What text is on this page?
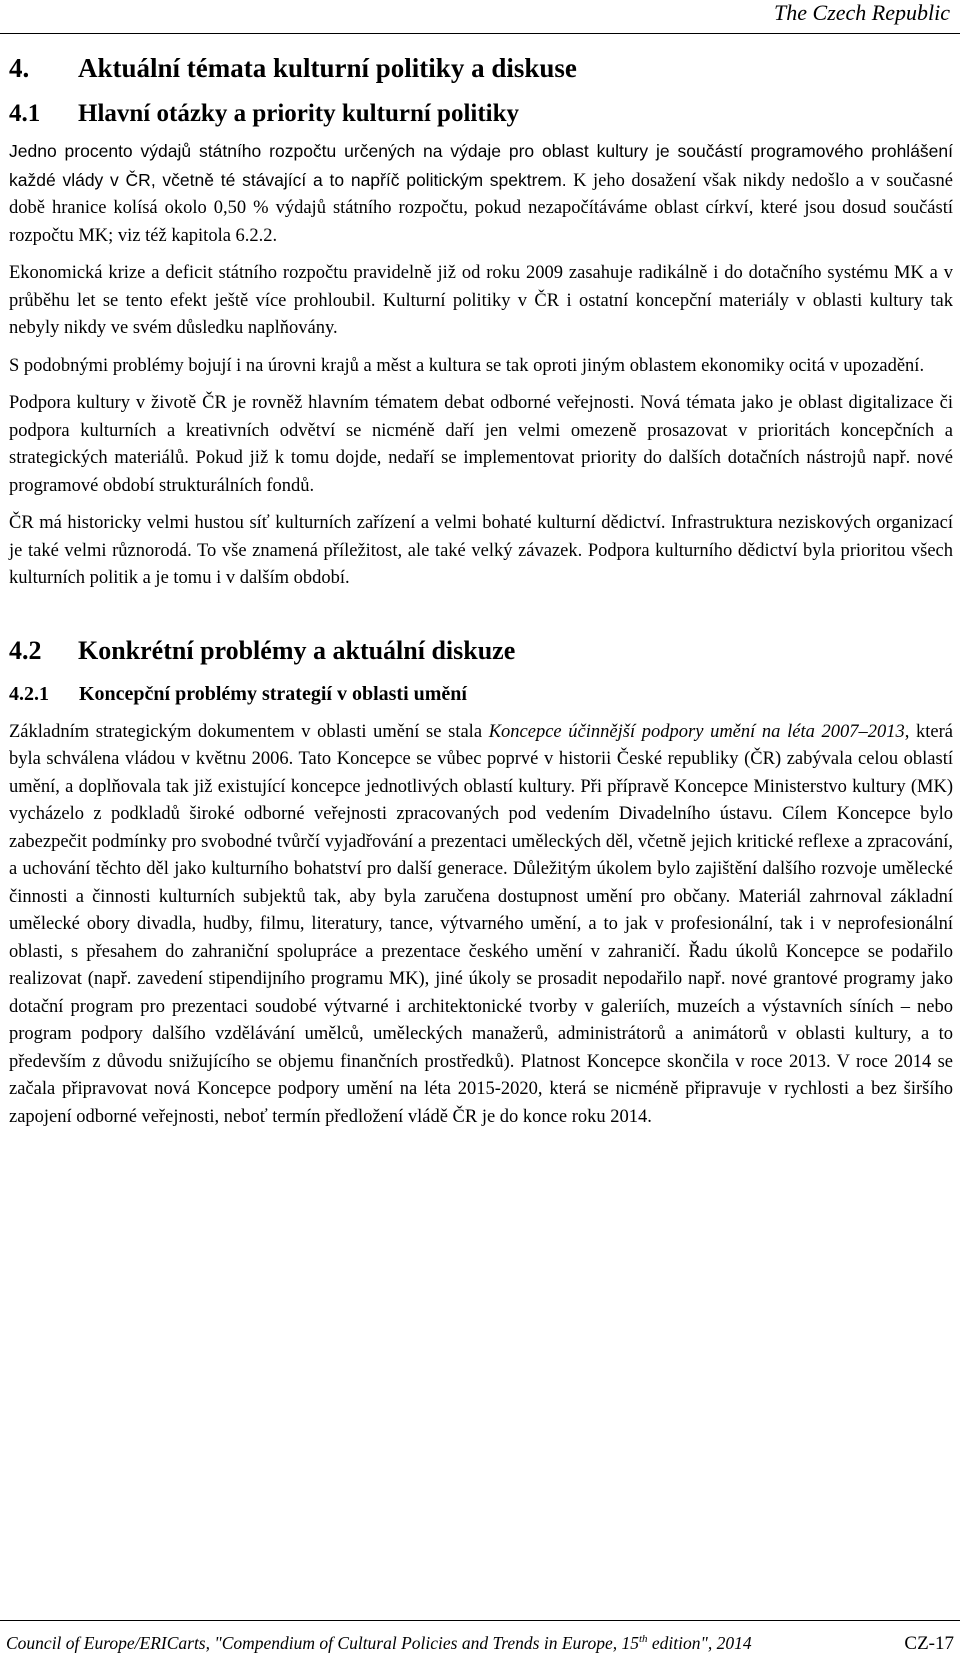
The Czech Republic
4.	Aktuální témata kulturní politiky a diskuse
4.1	Hlavní otázky a priority kulturní politiky

Jedno procento výdajů státního rozpočtu určených na výdaje pro oblast kultury je součástí programového prohlášení každé vlády v ČR, včetně té stávající a to napříč politickým spektrem. K jeho dosažení však nikdy nedošlo a v současné době hranice kolísá okolo 0,50 % výdajů státního rozpočtu, pokud nezapočítáváme oblast církví, které jsou dosud součástí rozpočtu MK; viz též kapitola 6.2.2.

Ekonomická krize a deficit státního rozpočtu pravidelně již od roku 2009 zasahuje radikálně i do dotačního systému MK a v průběhu let se tento efekt ještě více prohloubil. Kulturní politiky v ČR i ostatní koncepční materiály v oblasti kultury tak nebyly nikdy ve svém důsledku naplňovány.

S podobnými problémy bojují i na úrovni krajů a měst a kultura se tak oproti jiným oblastem ekonomiky ocitá v upozadění.

Podpora kultury v životě ČR je rovněž hlavním tématem debat odborné veřejnosti. Nová témata jako je oblast digitalizace či podpora kulturních a kreativních odvětví se nicméně daří jen velmi omezeně prosazovat v prioritách koncepčních a strategických materiálů. Pokud již k tomu dojde, nedaří se implementovat priority do dalších dotačních nástrojů např. nové programové období strukturálních fondů.

ČR má historicky velmi hustou síť kulturních zařízení a velmi bohaté kulturní dědictví. Infrastruktura neziskových organizací je také velmi různorodá. To vše znamená příležitost, ale také velký závazek. Podpora kulturního dědictví byla prioritou všech kulturních politik a je tomu i v dalším období.

4.2	Konkrétní problémy a aktuální diskuze
4.2.1	Koncepční problémy strategií v oblasti umění

Základním strategickým dokumentem v oblasti umění se stala Koncepce účinnější podpory umění na léta 2007–2013, která byla schválena vládou v květnu 2006. Tato Koncepce se vůbec poprvé v historii České republiky (ČR) zabývala celou oblastí umění, a doplňovala tak již existující koncepce jednotlivých oblastí kultury. Při přípravě Koncepce Ministerstvo kultury (MK) vycházelo z podkladů široké odborné veřejnosti zpracovaných pod vedením Divadelního ústavu. Cílem Koncepce bylo zabezpečit podmínky pro svobodné tvůrčí vyjadřování a prezentaci uměleckých děl, včetně jejich kritické reflexe a zpracování, a uchování těchto děl jako kulturního bohatství pro další generace. Důležitým úkolem bylo zajištění dalšího rozvoje umělecké činnosti a činnosti kulturních subjektů tak, aby byla zaručena dostupnost umění pro občany. Materiál zahrnoval základní umělecké obory divadla, hudby, filmu, literatury, tance, výtvarného umění, a to jak v profesionální, tak i v neprofesionální oblasti, s přesahem do zahraniční spolupráce a prezentace českého umění v zahraničí. Řadu úkolů Koncepce se podařilo realizovat (např. zavedení stipendijního programu MK), jiné úkoly se prosadit nepodařilo např. nové grantové programy jako dotační program pro prezentaci soudobé výtvarné i architektonické tvorby v galeriích, muzeích a výstavních síních – nebo program podpory dalšího vzdělávání umělců, uměleckých manažerů, administrátorů a animátorů v oblasti kultury, a to především z důvodu snižujícího se objemu finančních prostředků). Platnost Koncepce skončila v roce 2013. V roce 2014 se začala připravovat nová Koncepce podpory umění na léta 2015-2020, která se nicméně připravuje v rychlosti a bez širšího zapojení odborné veřejnosti, neboť termín předložení vládě ČR je do konce roku 2014.

Council of Europe/ERICarts, "Compendium of Cultural Policies and Trends in Europe, 15th edition", 2014	CZ-17
